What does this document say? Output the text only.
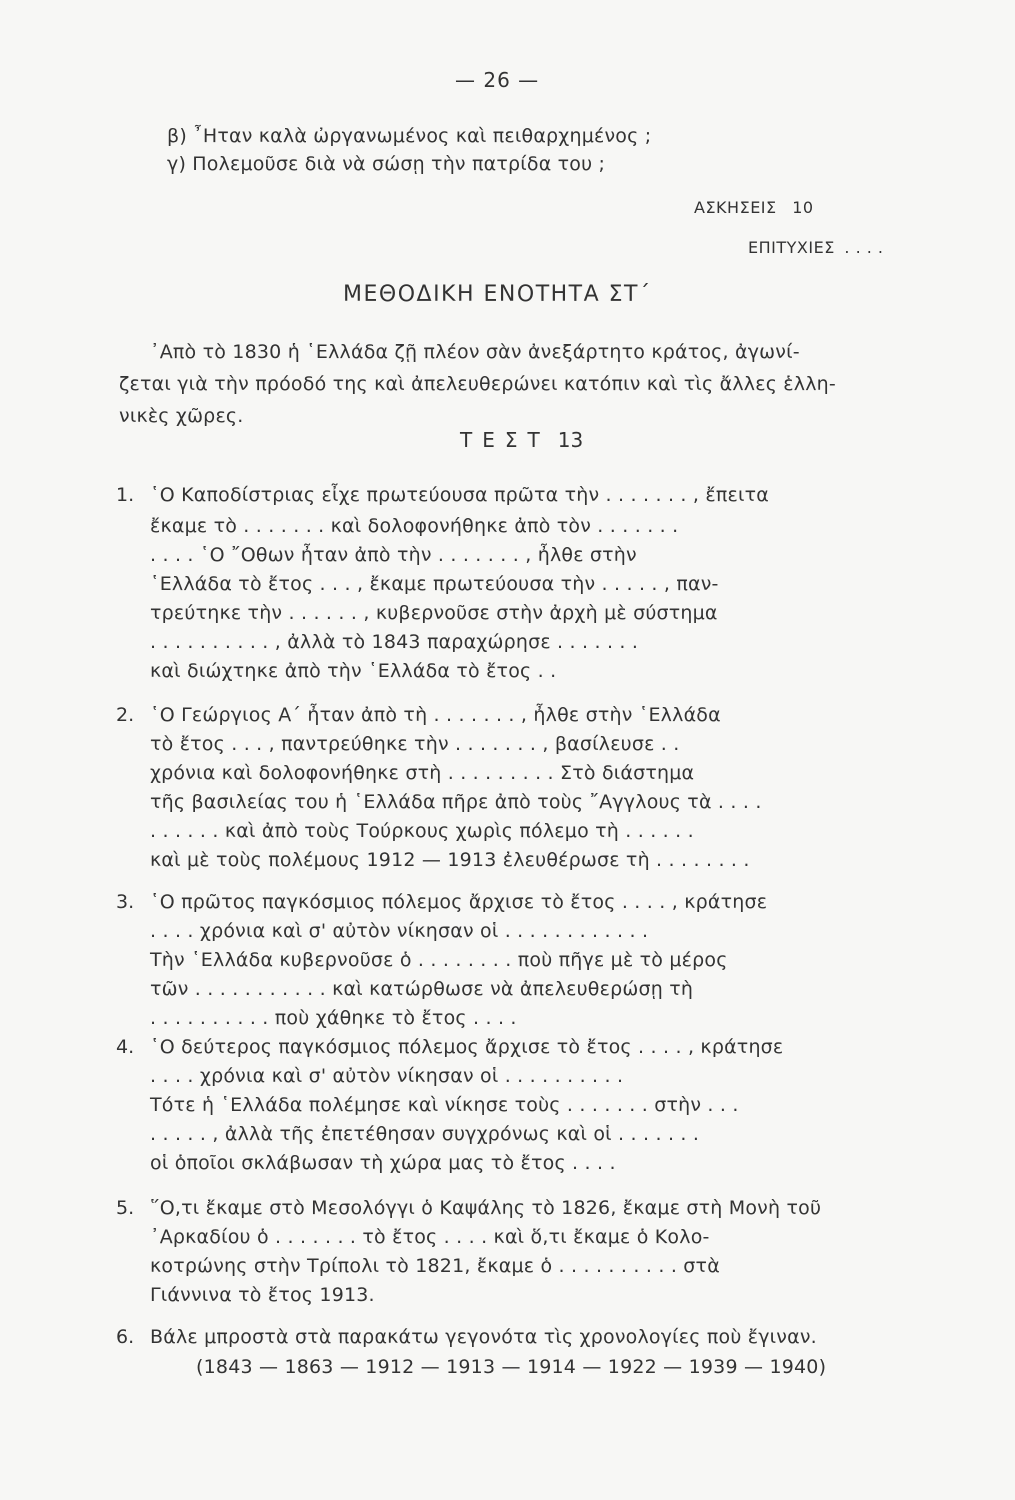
— 26 —
β) ῏Ηταν καλὰ ὠργανωμένος καὶ πειθαρχημένος ;
γ) Πολεμοῦσε διὰ νὰ σώσῃ τὴν πατρίδα του ;
ΑΣΚΗΣΕΙΣ 10
ΕΠΙΤΥΧΙΕΣ . . . .
ΜΕΘΟΔΙΚΗ ΕΝΟΤΗΤΑ ΣΤ΄
᾿Απὸ τὸ 1830 ἡ ῾Ελλάδα ζῇ πλέον σὰν ἀνεξάρτητο κράτος, ἀγωνί-
ζεται γιὰ τὴν πρόοδό της καὶ ἀπελευθερώνει κατόπιν καὶ τὶς ἄλλες ἑλλη-
νικὲς χῶρες.
ΤΕΣΤ 13
1. ῾Ο Καποδίστριας εἶχε πρωτεύουσα πρῶτα τὴν . . . . . . . , ἔπειτα
ἔκαμε τὸ . . . . . . . καὶ δολοφονήθηκε ἀπὸ τὸν . . . . . . .
. . . . ῾Ο ῎Οθων ἦταν ἀπὸ τὴν . . . . . . . , ἦλθε στὴν
῾Ελλάδα τὸ ἔτος . . . , ἔκαμε πρωτεύουσα τὴν . . . . . , παν-
τρεύτηκε τὴν . . . . . . , κυβερνοῦσε στὴν ἀρχὴ μὲ σύστημα
. . . . . . . . . . , ἀλλὰ τὸ 1843 παραχώρησε . . . . . . .
καὶ διώχτηκε ἀπὸ τὴν ῾Ελλάδα τὸ ἔτος . .
2. ῾Ο Γεώργιος Α΄ ἦταν ἀπὸ τὴ . . . . . . . , ἦλθε στὴν ῾Ελλάδα
τὸ ἔτος . . . , παντρεύθηκε τὴν . . . . . . . , βασίλευσε . .
χρόνια καὶ δολοφονήθηκε στὴ . . . . . . . . . Στὸ διάστημα
τῆς βασιλείας του ἡ ῾Ελλάδα πῆρε ἀπὸ τοὺς ῎Αγγλους τὰ . . . .
. . . . . . καὶ ἀπὸ τοὺς Τούρκους χωρὶς πόλεμο τὴ . . . . . .
καὶ μὲ τοὺς πολέμους 1912 — 1913 ἐλευθέρωσε τὴ . . . . . . . .
3. ῾Ο πρῶτος παγκόσμιος πόλεμος ἄρχισε τὸ ἔτος . . . . , κράτησε
. . . . χρόνια καὶ σ' αὐτὸν νίκησαν οἱ . . . . . . . . . . . .
Τὴν ῾Ελλάδα κυβερνοῦσε ὁ . . . . . . . . ποὺ πῆγε μὲ τὸ μέρος
τῶν . . . . . . . . . . . καὶ κατώρθωσε νὰ ἀπελευθερώσῃ τὴ
. . . . . . . . . . ποὺ χάθηκε τὸ ἔτος . . . .
4. ῾Ο δεύτερος παγκόσμιος πόλεμος ἄρχισε τὸ ἔτος . . . . , κράτησε
. . . . χρόνια καὶ σ' αὐτὸν νίκησαν οἱ . . . . . . . . . .
Τότε ἡ ῾Ελλάδα πολέμησε καὶ νίκησε τοὺς . . . . . . . στὴν . . .
. . . . . , ἀλλὰ τῆς ἐπετέθησαν συγχρόνως καὶ οἱ . . . . . . .
οἱ ὁποῖοι σκλάβωσαν τὴ χώρα μας τὸ ἔτος . . . .
5. ῞Ο,τι ἔκαμε στὸ Μεσολόγγι ὁ Καψάλης τὸ 1826, ἔκαμε στὴ Μονὴ τοῦ
᾿Αρκαδίου ὁ . . . . . . . τὸ ἔτος . . . . καὶ ὅ,τι ἔκαμε ὁ Κολο-
κοτρώνης στὴν Τρίπολι τὸ 1821, ἔκαμε ὁ . . . . . . . . . . στὰ
Γιάννινα τὸ ἔτος 1913.
6. Βάλε μπροστὰ στὰ παρακάτω γεγονότα τὶς χρονολογίες ποὺ ἔγιναν.
(1843 — 1863 — 1912 — 1913 — 1914 — 1922 — 1939 — 1940)
